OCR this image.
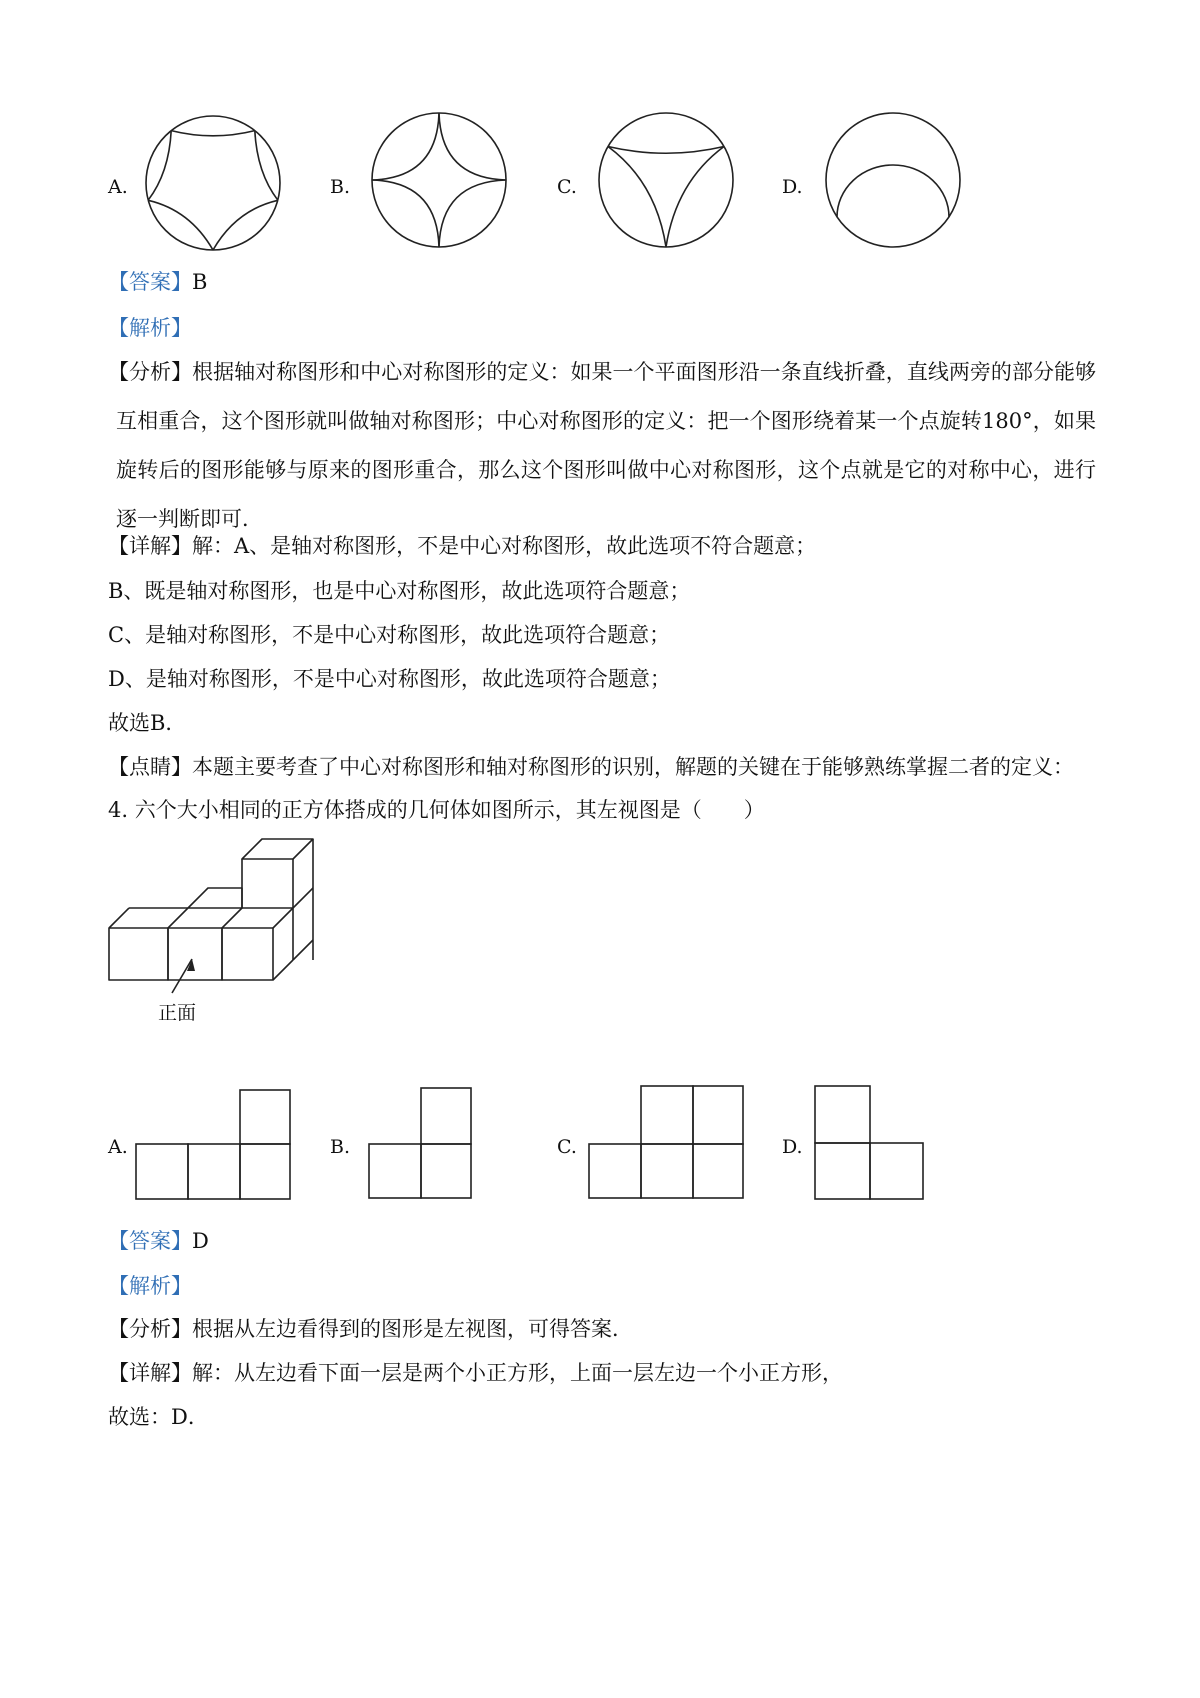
A.	B.	C.	D.
【答案】B
【解析】
【分析】根据轴对称图形和中心对称图形的定义：如果一个平面图形沿一条直线折叠，直线两旁的部分能够互相重合，这个图形就叫做轴对称图形；中心对称图形的定义：把一个图形绕着某一个点旋转180°，如果旋转后的图形能够与原来的图形重合，那么这个图形叫做中心对称图形，这个点就是它的对称中心，进行逐一判断即可．
【详解】解：A、是轴对称图形，不是中心对称图形，故此选项不符合题意；
B、既是轴对称图形，也是中心对称图形，故此选项符合题意；
C、是轴对称图形，不是中心对称图形，故此选项符合题意；
D、是轴对称图形，不是中心对称图形，故此选项符合题意；
故选B．
【点睛】本题主要考查了中心对称图形和轴对称图形的识别，解题的关键在于能够熟练掌握二者的定义：
4. 六个大小相同的正方体搭成的几何体如图所示，其左视图是（　　）
正面
A.	B.	C.	D.
【答案】D
【解析】
【分析】根据从左边看得到的图形是左视图，可得答案．
【详解】解：从左边看下面一层是两个小正方形，上面一层左边一个小正方形，
故选：D．
